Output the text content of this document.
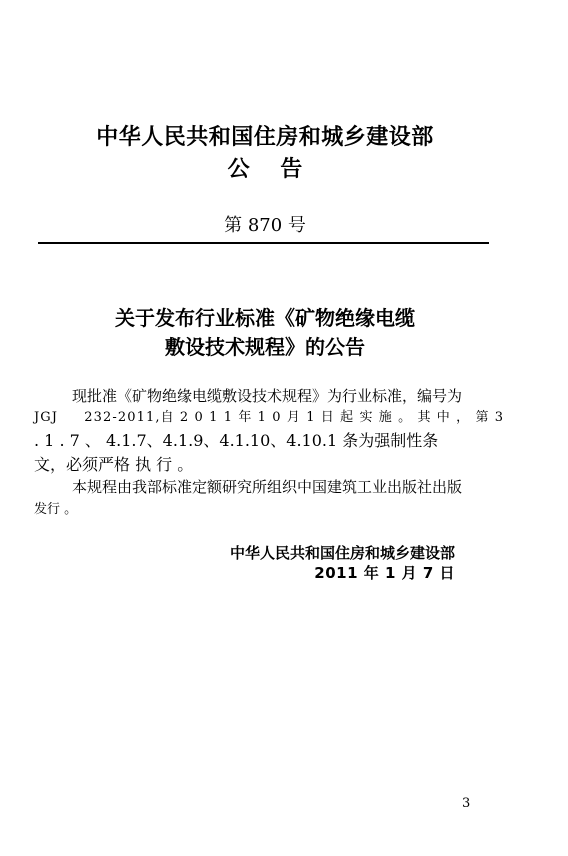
中华人民共和国住房和城乡建设部
公    告
第 870 号
关于发布行业标准《矿物绝缘电缆
敷设技术规程》的公告
现批准《矿物绝缘电缆敷设技术规程》为行业标准，编号为
JGJ     232-2011,自 2 0 1 1 年 1 0 月 1 日 起 实 施 。 其 中 ， 第 3
. 1 . 7 、 4.1.7、4.1.9、4.1.10、4.10.1 条为强制性条
文，必须严格 执 行 。
本规程由我部标准定额研究所组织中国建筑工业出版社出版
发行 。
中华人民共和国住房和城乡建设部
2011 年 1 月 7 日
3
